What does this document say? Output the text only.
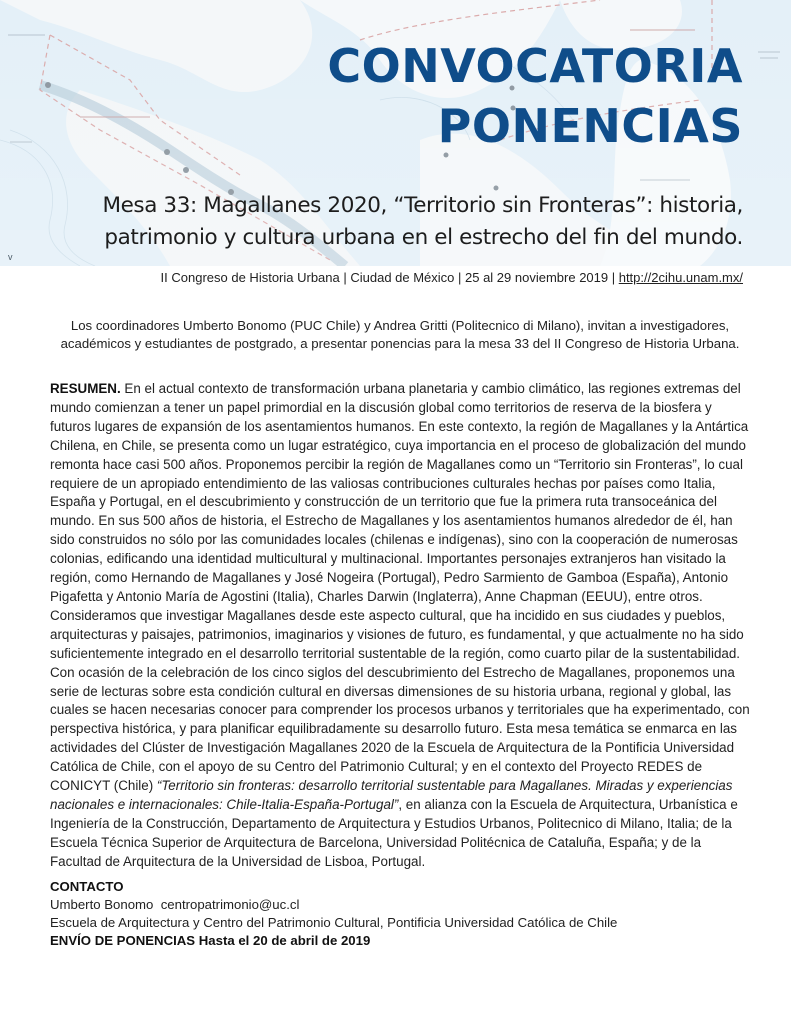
CONVOCATORIA
PONENCIAS
Mesa 33: Magallanes 2020, “Territorio sin Fronteras”: historia,
patrimonio y cultura urbana en el estrecho del fin del mundo.
v
II Congreso de Historia Urbana | Ciudad de México | 25 al 29 noviembre 2019 | http://2cihu.unam.mx/
Los coordinadores Umberto Bonomo (PUC Chile) y Andrea Gritti (Politecnico di Milano), invitan a investigadores, académicos y estudiantes de postgrado, a presentar ponencias para la mesa 33 del II Congreso de Historia Urbana.
RESUMEN. En el actual contexto de transformación urbana planetaria y cambio climático, las regiones extremas del mundo comienzan a tener un papel primordial en la discusión global como territorios de reserva de la biosfera y futuros lugares de expansión de los asentamientos humanos. En este contexto, la región de Magallanes y la Antártica Chilena, en Chile, se presenta como un lugar estratégico, cuya importancia en el proceso de globalización del mundo remonta hace casi 500 años. Proponemos percibir la región de Magallanes como un “Territorio sin Fronteras”, lo cual requiere de un apropiado entendimiento de las valiosas contribuciones culturales hechas por países como Italia, España y Portugal, en el descubrimiento y construcción de un territorio que fue la primera ruta transoceánica del mundo. En sus 500 años de historia, el Estrecho de Magallanes y los asentamientos humanos alrededor de él, han sido construidos no sólo por las comunidades locales (chilenas e indígenas), sino con la cooperación de numerosas colonias, edificando una identidad multicultural y multinacional. Importantes personajes extranjeros han visitado la región, como Hernando de Magallanes y José Nogeira (Portugal), Pedro Sarmiento de Gamboa (España), Antonio Pigafetta y Antonio María de Agostini (Italia), Charles Darwin (Inglaterra), Anne Chapman (EEUU), entre otros. Consideramos que investigar Magallanes desde este aspecto cultural, que ha incidido en sus ciudades y pueblos, arquitecturas y paisajes, patrimonios, imaginarios y visiones de futuro, es fundamental, y que actualmente no ha sido suficientemente integrado en el desarrollo territorial sustentable de la región, como cuarto pilar de la sustentabilidad. Con ocasión de la celebración de los cinco siglos del descubrimiento del Estrecho de Magallanes, proponemos una serie de lecturas sobre esta condición cultural en diversas dimensiones de su historia urbana, regional y global, las cuales se hacen necesarias conocer para comprender los procesos urbanos y territoriales que ha experimentado, con perspectiva histórica, y para planificar equilibradamente su desarrollo futuro. Esta mesa temática se enmarca en las actividades del Clúster de Investigación Magallanes 2020 de la Escuela de Arquitectura de la Pontificia Universidad Católica de Chile, con el apoyo de su Centro del Patrimonio Cultural; y en el contexto del Proyecto REDES de CONICYT (Chile) “Territorio sin fronteras: desarrollo territorial sustentable para Magallanes. Miradas y experiencias nacionales e internacionales: Chile-Italia-España-Portugal”, en alianza con la Escuela de Arquitectura, Urbanística e Ingeniería de la Construcción, Departamento de Arquitectura y Estudios Urbanos, Politecnico di Milano, Italia; de la Escuela Técnica Superior de Arquitectura de Barcelona, Universidad Politécnica de Cataluña, España; y de la Facultad de Arquitectura de la Universidad de Lisboa, Portugal.
CONTACTO
Umberto Bonomo centropatrimonio@uc.cl
Escuela de Arquitectura y Centro del Patrimonio Cultural, Pontificia Universidad Católica de Chile
ENVÍO DE PONENCIAS Hasta el 20 de abril de 2019
